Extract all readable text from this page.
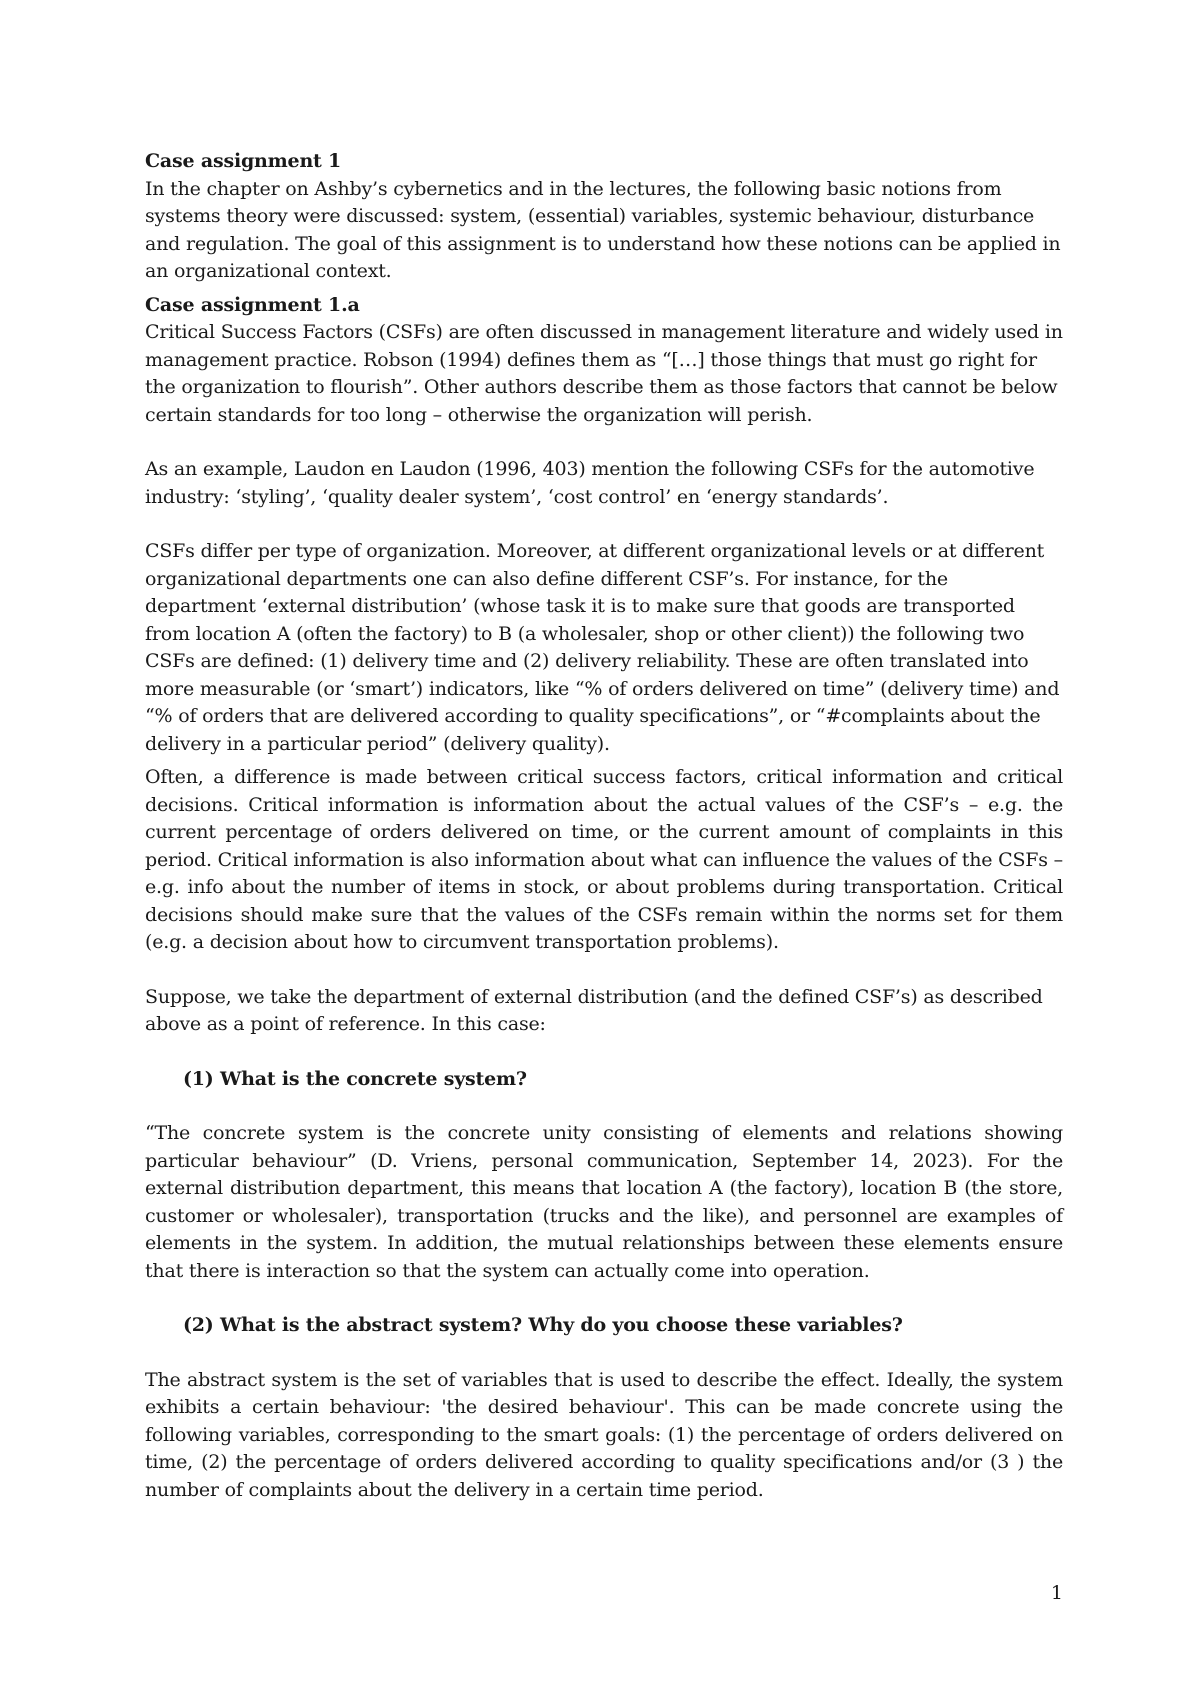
Case assignment 1

In the chapter on Ashby’s cybernetics and in the lectures, the following basic notions from systems theory were discussed: system, (essential) variables, systemic behaviour, disturbance and regulation. The goal of this assignment is to understand how these notions can be applied in an organizational context.

Case assignment 1.a

Critical Success Factors (CSFs) are often discussed in management literature and widely used in management practice. Robson (1994) defines them as “[…] those things that must go right for the organization to flourish”. Other authors describe them as those factors that cannot be below certain standards for too long – otherwise the organization will perish.

As an example, Laudon en Laudon (1996, 403) mention the following CSFs for the automotive industry: ‘styling’, ‘quality dealer system’, ‘cost control’ en ‘energy standards’.

CSFs differ per type of organization. Moreover, at different organizational levels or at different organizational departments one can also define different CSF’s. For instance, for the department ‘external distribution’ (whose task it is to make sure that goods are transported from location A (often the factory) to B (a wholesaler, shop or other client)) the following two CSFs are defined: (1) delivery time and (2) delivery reliability. These are often translated into more measurable (or ‘smart’) indicators, like “% of orders delivered on time” (delivery time) and “% of orders that are delivered according to quality specifications”, or “#complaints about the delivery in a particular period” (delivery quality).

Often, a difference is made between critical success factors, critical information and critical decisions. Critical information is information about the actual values of the CSF’s – e.g. the current percentage of orders delivered on time, or the current amount of complaints in this period. Critical information is also information about what can influence the values of the CSFs – e.g. info about the number of items in stock, or about problems during transportation. Critical decisions should make sure that the values of the CSFs remain within the norms set for them (e.g. a decision about how to circumvent transportation problems).

Suppose, we take the department of external distribution (and the defined CSF’s) as described above as a point of reference. In this case:

(1) What is the concrete system?

“The concrete system is the concrete unity consisting of elements and relations showing particular behaviour” (D. Vriens, personal communication, September 14, 2023). For the external distribution department, this means that location A (the factory), location B (the store, customer or wholesaler), transportation (trucks and the like), and personnel are examples of elements in the system. In addition, the mutual relationships between these elements ensure that there is interaction so that the system can actually come into operation.

(2) What is the abstract system? Why do you choose these variables?

The abstract system is the set of variables that is used to describe the effect. Ideally, the system exhibits a certain behaviour: 'the desired behaviour'. This can be made concrete using the following variables, corresponding to the smart goals: (1) the percentage of orders delivered on time, (2) the percentage of orders delivered according to quality specifications and/or (3 ) the number of complaints about the delivery in a certain time period.

1
